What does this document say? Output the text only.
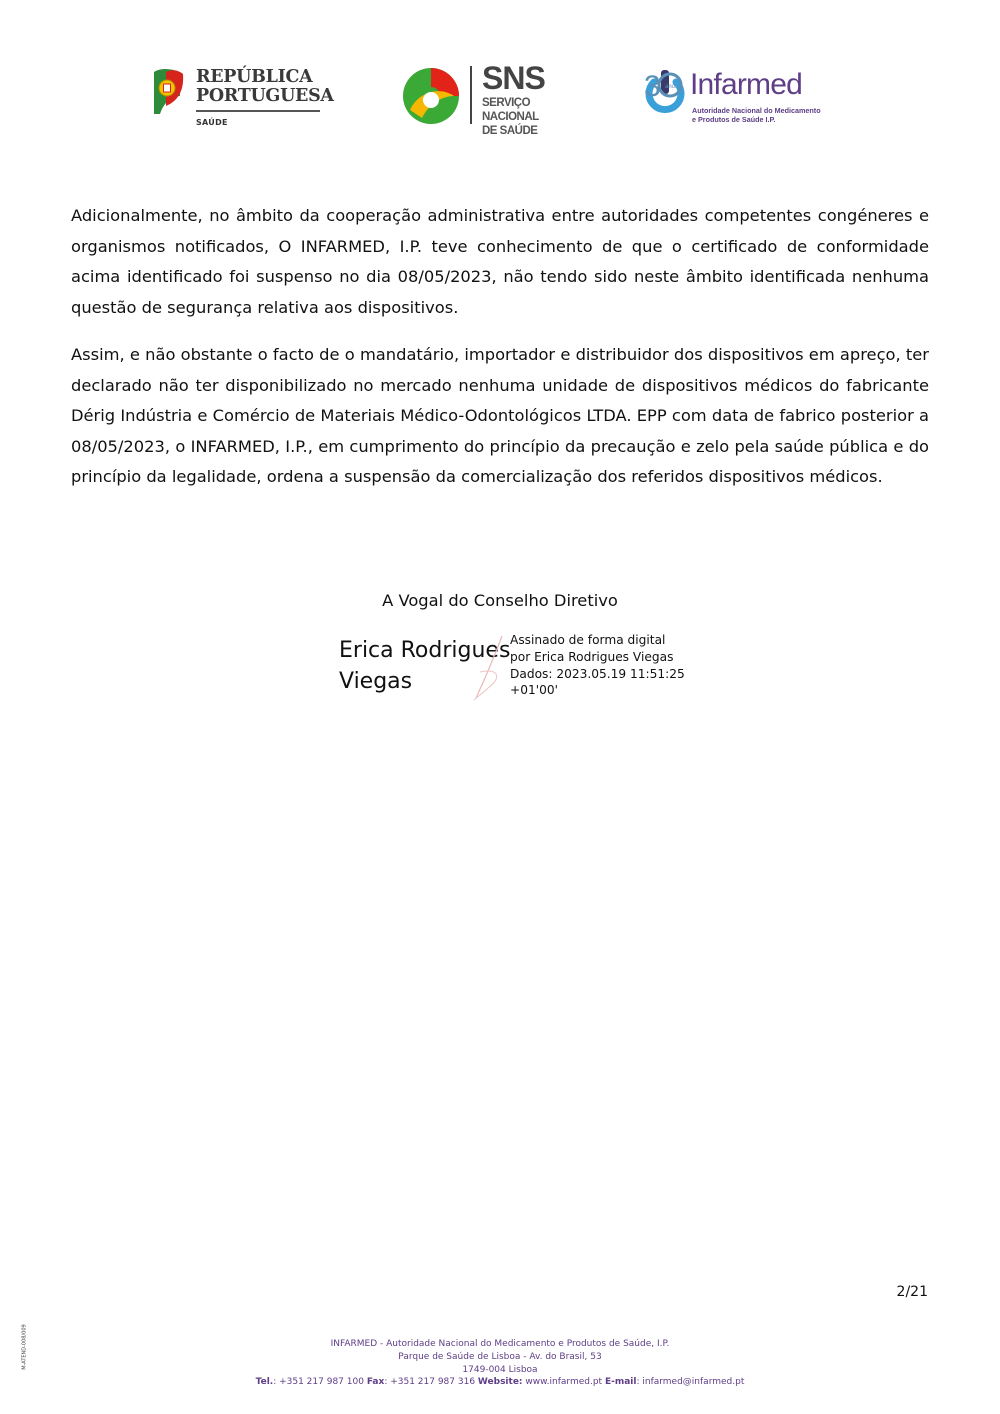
REPÚBLICA
PORTUGUESA
SAÚDE
SNS
SERVIÇO NACIONAL
DE SAÚDE
Infarmed
Autoridade Nacional do Medicamento
e Produtos de Saúde I.P.
3 anos

Adicionalmente, no âmbito da cooperação administrativa entre autoridades competentes congéneres e organismos notificados, O INFARMED, I.P. teve conhecimento de que o certificado de conformidade acima identificado foi suspenso no dia 08/05/2023, não tendo sido neste âmbito identificada nenhuma questão de segurança relativa aos dispositivos.

Assim, e não obstante o facto de o mandatário, importador e distribuidor dos dispositivos em apreço, ter declarado não ter disponibilizado no mercado nenhuma unidade de dispositivos médicos do fabricante Dérig Indústria e Comércio de Materiais Médico-Odontológicos LTDA. EPP com data de fabrico posterior a 08/05/2023, o INFARMED, I.P., em cumprimento do princípio da precaução e zelo pela saúde pública e do princípio da legalidade, ordena a suspensão da comercialização dos referidos dispositivos médicos.

A Vogal do Conselho Diretivo
Erica Rodrigues
Viegas
Assinado de forma digital
por Erica Rodrigues Viegas
Dados: 2023.05.19 11:51:25
+01'00'
2/21
M-ATEND-008/009	INFARMED - Autoridade Nacional do Medicamento e Produtos de Saúde, I.P.
Parque de Saúde de Lisboa - Av. do Brasil, 53
1749-004 Lisboa
Tel.: +351 217 987 100 Fax: +351 217 987 316 Website: www.infarmed.pt E-mail: infarmed@infarmed.pt
